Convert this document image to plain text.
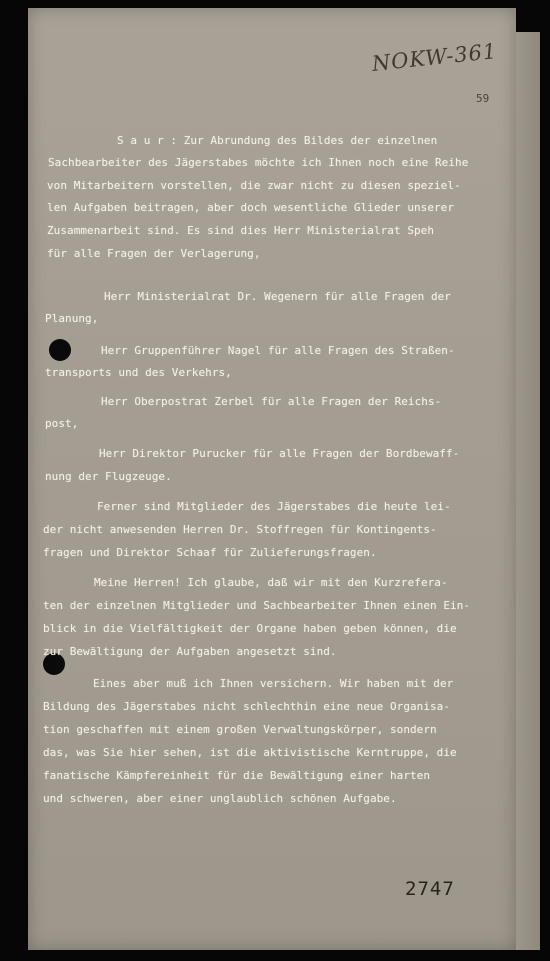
NOKW-361
59
S a u r : Zur Abrundung des Bildes der einzelnen
Sachbearbeiter des Jägerstabes möchte ich Ihnen noch eine Reihe
von Mitarbeitern vorstellen, die zwar nicht zu diesen speziel-
len Aufgaben beitragen, aber doch wesentliche Glieder unserer
Zusammenarbeit sind. Es sind dies Herr Ministerialrat Speh
für alle Fragen der Verlagerung,
Herr Ministerialrat Dr. Wegenern für alle Fragen der
Planung,
Herr Gruppenführer Nagel für alle Fragen des Straßen-
transports und des Verkehrs,
Herr Oberpostrat Zerbel für alle Fragen der Reichs-
post,
Herr Direktor Purucker für alle Fragen der Bordbewaff-
nung der Flugzeuge.
Ferner sind Mitglieder des Jägerstabes die heute lei-
der nicht anwesenden Herren Dr. Stoffregen für Kontingents-
fragen und Direktor Schaaf für Zulieferungsfragen.
Meine Herren! Ich glaube, daß wir mit den Kurzrefera-
ten der einzelnen Mitglieder und Sachbearbeiter Ihnen einen Ein-
blick in die Vielfältigkeit der Organe haben geben können, die
zur Bewältigung der Aufgaben angesetzt sind.
Eines aber muß ich Ihnen versichern. Wir haben mit der
Bildung des Jägerstabes nicht schlechthin eine neue Organisa-
tion geschaffen mit einem großen Verwaltungskörper, sondern
das, was Sie hier sehen, ist die aktivistische Kerntruppe, die
fanatische Kämpfereinheit für die Bewältigung einer harten
und schweren, aber einer unglaublich schönen Aufgabe.
2747
